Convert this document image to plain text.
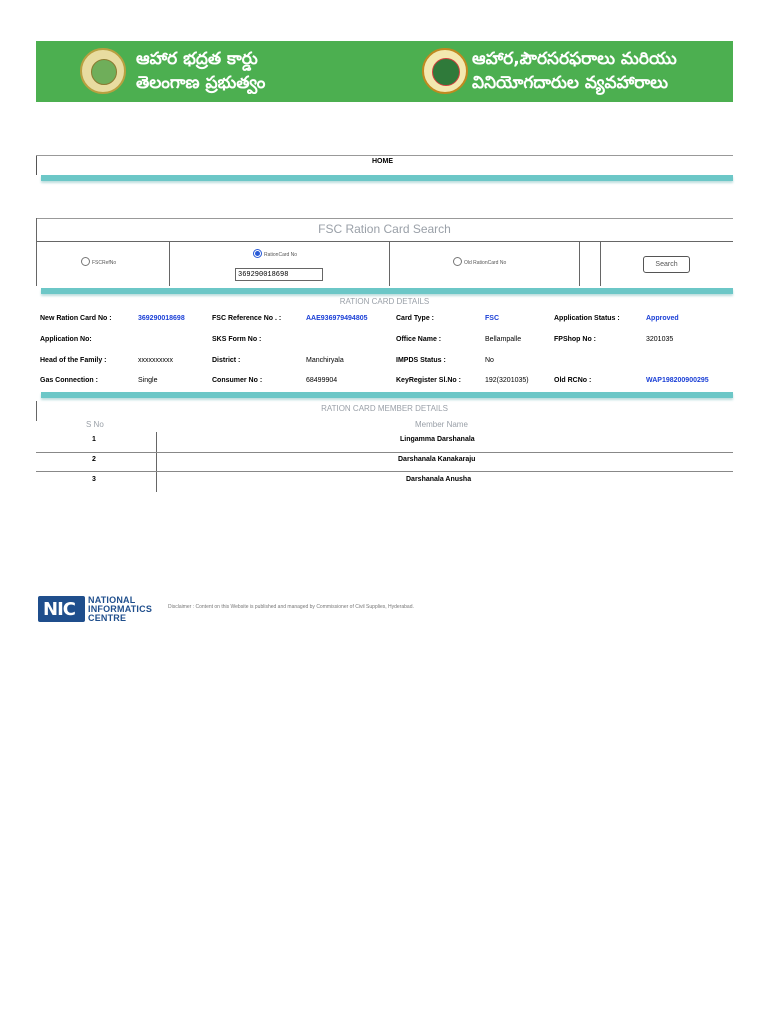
ఆహార భద్రత కార్డు
తెలంగాణ ప్రభుత్వం
ఆహార,పౌరసరఫరాలు మరియు
వినియోగదారుల వ్యవహారాలు
HOME
FSC Ration Card Search
FSCRefNo
RationCard No
369290018698
Old RationCard No	Search
RATION CARD DETAILS
New Ration Card No :	369290018698	FSC Reference No . :	AAE936979494805	Card Type :	FSC	Application Status :	Approved
Application No:	SKS Form No :	Office Name :	Bellampalle	FPShop No :	3201035
Head of the Family :	xxxxxxxxxx	District :	Manchiryala	IMPDS Status :	No
Gas Connection :	Single	Consumer No :	68499904	KeyRegister Sl.No :	192(3201035)	Old RCNo :	WAP198200900295
RATION CARD MEMBER DETAILS
S No	Member Name
1	Lingamma Darshanala
2	Darshanala Kanakaraju
3	Darshanala Anusha
NIC NATIONAL
INFORMATICS
CENTRE
Disclaimer : Content on this Website is published and managed by Commissioner of Civil Supplies, Hyderabad.
